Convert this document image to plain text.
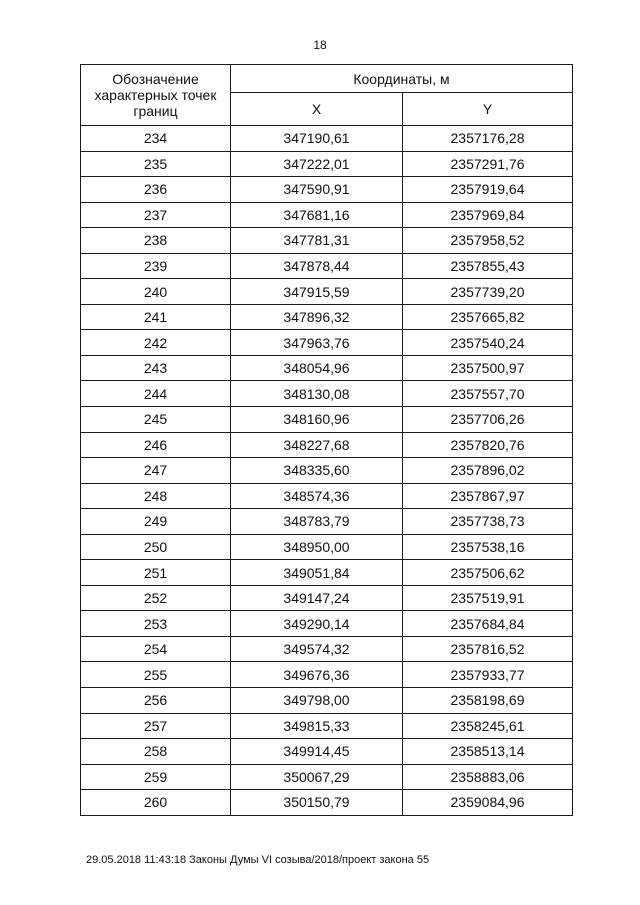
18
Обозначение характерных точек границ	Координаты, м	
	X	Y
234	347190,61	2357176,28
235	347222,01	2357291,76
236	347590,91	2357919,64
237	347681,16	2357969,84
238	347781,31	2357958,52
239	347878,44	2357855,43
240	347915,59	2357739,20
241	347896,32	2357665,82
242	347963,76	2357540,24
243	348054,96	2357500,97
244	348130,08	2357557,70
245	348160,96	2357706,26
246	348227,68	2357820,76
247	348335,60	2357896,02
248	348574,36	2357867,97
249	348783,79	2357738,73
250	348950,00	2357538,16
251	349051,84	2357506,62
252	349147,24	2357519,91
253	349290,14	2357684,84
254	349574,32	2357816,52
255	349676,36	2357933,77
256	349798,00	2358198,69
257	349815,33	2358245,61
258	349914,45	2358513,14
259	350067,29	2358883,06
260	350150,79	2359084,96
29.05.2018 11:43:18 Законы Думы VI созыва/2018/проект закона 55
